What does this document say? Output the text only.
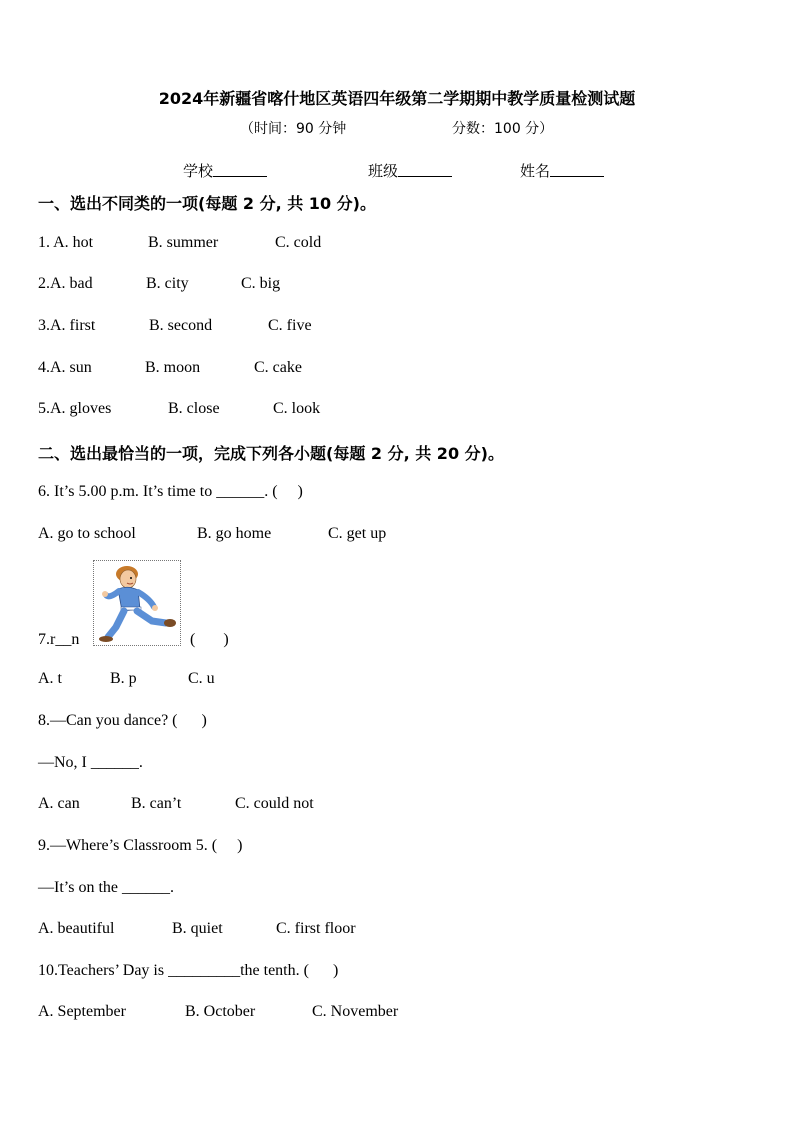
2024年新疆省喀什地区英语四年级第二学期期中教学质量检测试题
（时间：90 分钟	分数：100 分）
学校	班级	姓名
一、选出不同类的一项(每题 2 分, 共 10 分)。
1. A. hot	B. summer	C. cold
2.A. bad	B. city	C. big
3.A. first	B. second	C. five
4.A. sun	B. moon	C. cake
5.A. gloves	B. close	C. look
二、选出最恰当的一项，完成下列各小题(每题 2 分, 共 20 分)。
6. It’s 5.00 p.m. It’s time to ______. (     )
A. go to school	B. go home	C. get up
7.r__n	(       )
A. t	B. p	C. u
8.—Can you dance? (      )
—No, I ______.
A. can	B. can’t	C. could not
9.—Where’s Classroom 5. (     )
—It’s on the ______.
A. beautiful	B. quiet	C. first floor
10.Teachers’ Day is _________the tenth. (      )
A. September	B. October	C. November
